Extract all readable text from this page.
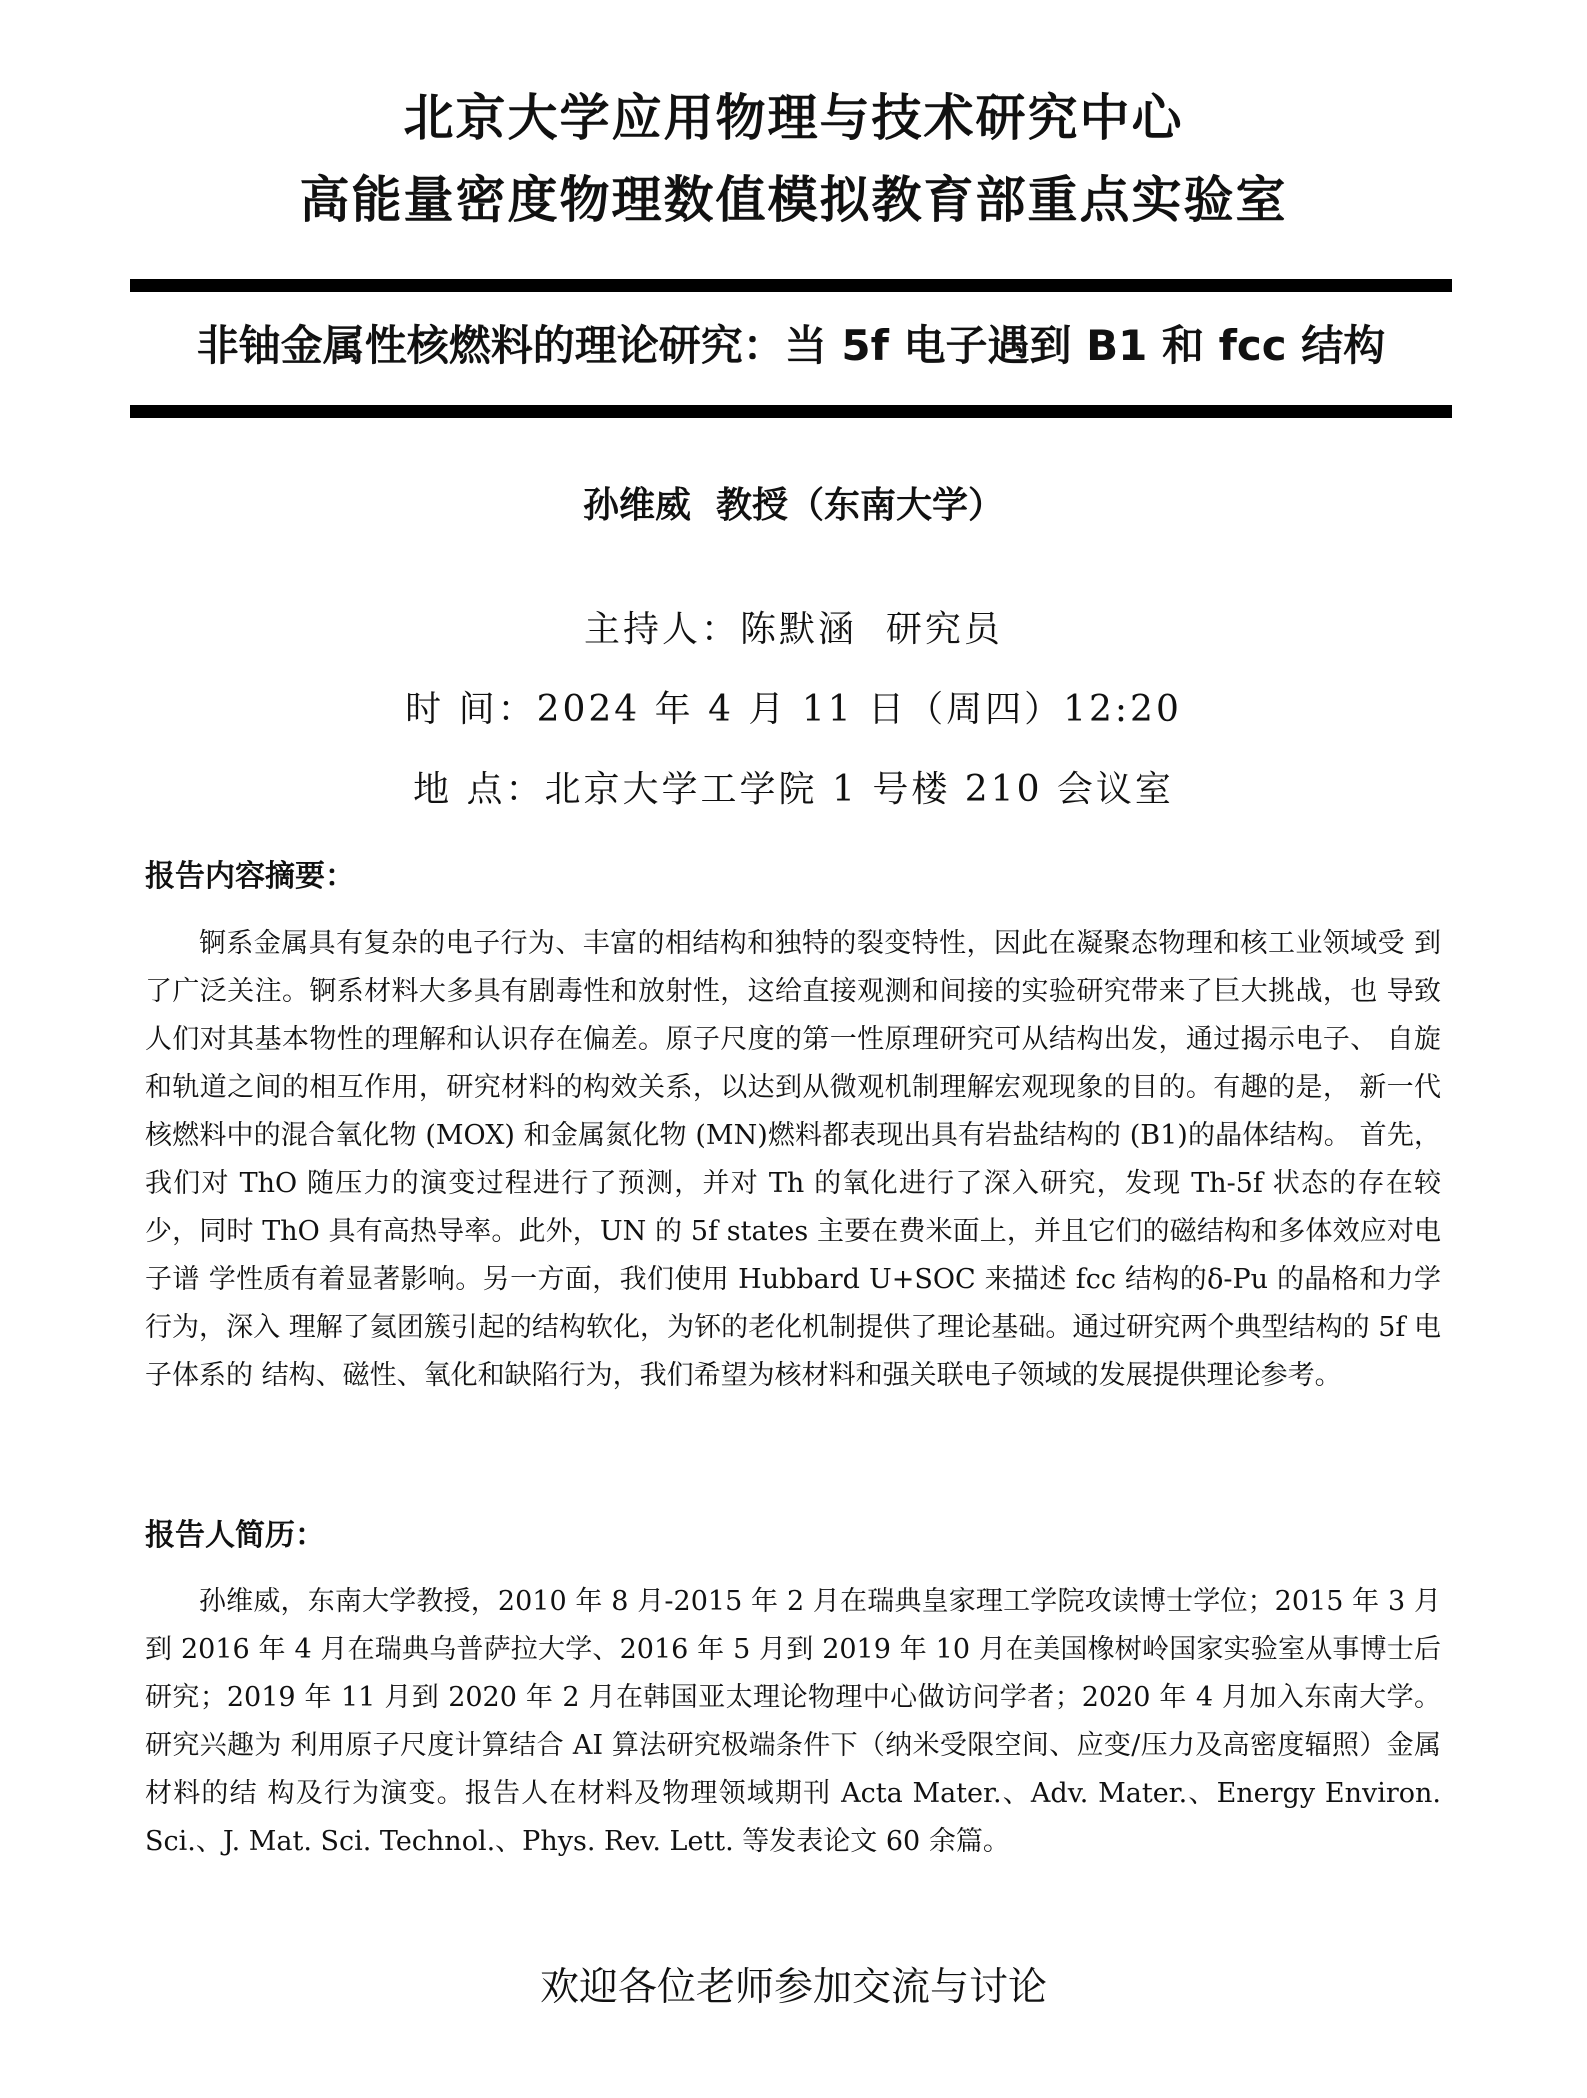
北京大学应用物理与技术研究中心
高能量密度物理数值模拟教育部重点实验室
非铀金属性核燃料的理论研究：当 5f 电子遇到 B1 和 fcc 结构
孙维威  教授（东南大学）
主持人：陈默涵  研究员
时 间：2024 年 4 月 11 日（周四）12:20
地 点：北京大学工学院 1 号楼 210 会议室
报告内容摘要：
锕系金属具有复杂的电子行为、丰富的相结构和独特的裂变特性，因此在凝聚态物理和核工业领域受 到了广泛关注。锕系材料大多具有剧毒性和放射性，这给直接观测和间接的实验研究带来了巨大挑战，也 导致人们对其基本物性的理解和认识存在偏差。原子尺度的第一性原理研究可从结构出发，通过揭示电子、 自旋和轨道之间的相互作用，研究材料的构效关系，以达到从微观机制理解宏观现象的目的。有趣的是， 新一代核燃料中的混合氧化物 (MOX) 和金属氮化物 (MN)燃料都表现出具有岩盐结构的 (B1)的晶体结构。 首先，我们对 ThO 随压力的演变过程进行了预测，并对 Th 的氧化进行了深入研究，发现 Th-5f 状态的存在较 少，同时 ThO 具有高热导率。此外，UN 的 5f states 主要在费米面上，并且它们的磁结构和多体效应对电子谱 学性质有着显著影响。另一方面，我们使用 Hubbard U+SOC 来描述 fcc 结构的δ-Pu 的晶格和力学行为，深入 理解了氦团簇引起的结构软化，为钚的老化机制提供了理论基础。通过研究两个典型结构的 5f 电子体系的 结构、磁性、氧化和缺陷行为，我们希望为核材料和强关联电子领域的发展提供理论参考。
报告人简历：
孙维威，东南大学教授，2010 年 8 月-2015 年 2 月在瑞典皇家理工学院攻读博士学位；2015 年 3 月到 2016 年 4 月在瑞典乌普萨拉大学、2016 年 5 月到 2019 年 10 月在美国橡树岭国家实验室从事博士后研究；2019 年 11 月到 2020 年 2 月在韩国亚太理论物理中心做访问学者；2020 年 4 月加入东南大学。研究兴趣为 利用原子尺度计算结合 AI 算法研究极端条件下（纳米受限空间、应变/压力及高密度辐照）金属材料的结 构及行为演变。报告人在材料及物理领域期刊 Acta Mater.、Adv. Mater.、Energy Environ. Sci.、J. Mat. Sci. Technol.、Phys. Rev. Lett. 等发表论文 60 余篇。
欢迎各位老师参加交流与讨论
